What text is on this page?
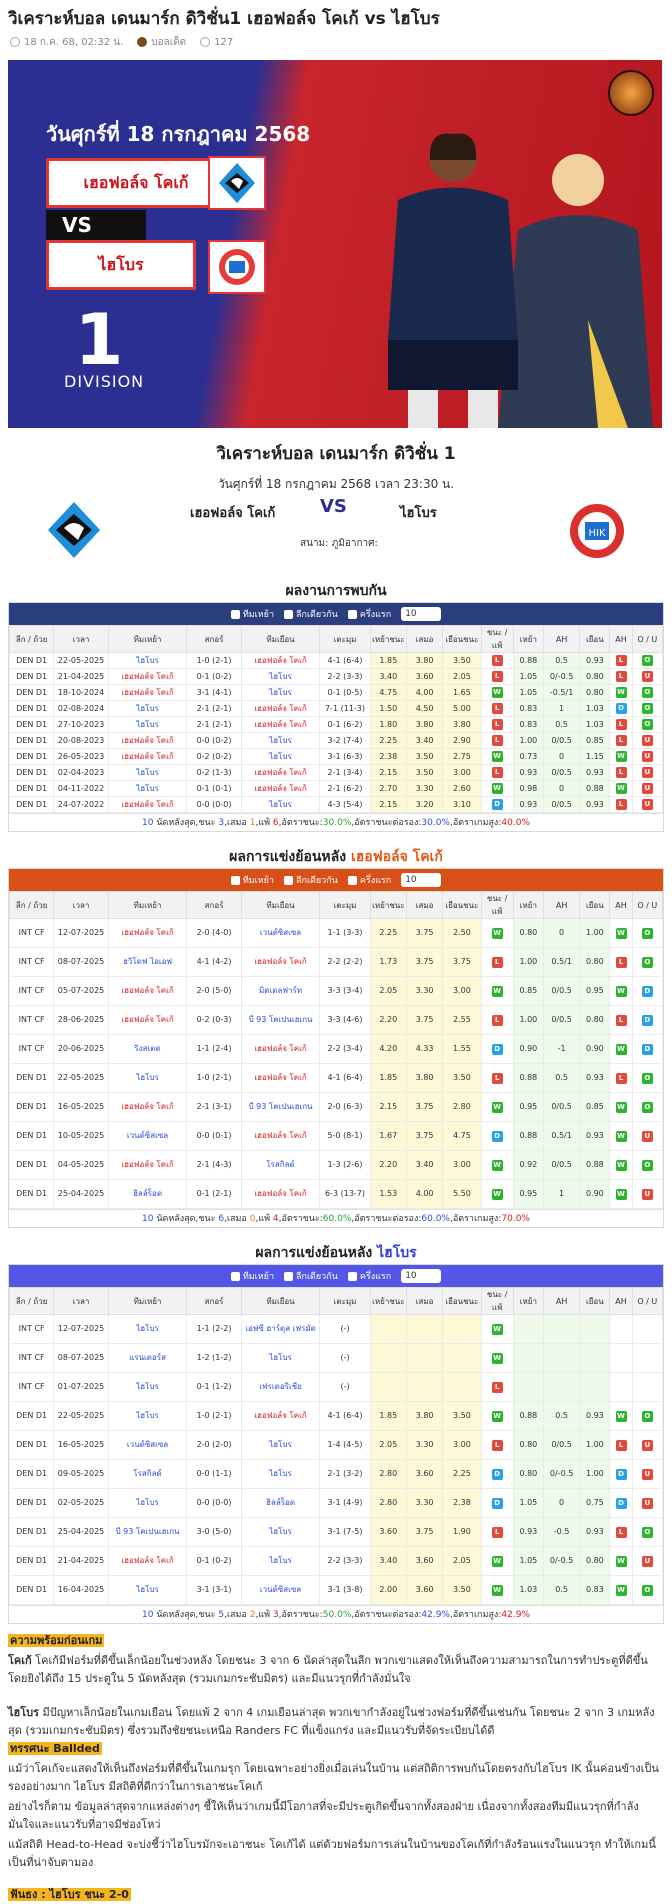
วิเคราะห์บอล เดนมาร์ก ดิวิชั่น1 เฮอฟอล์จ โคเก้ vs ไฮโบร
18 ก.ค. 68, 02:32 น.	บอลเด็ด	127
วันศุกร์ที่ 18 กรกฎาคม 2568
เฮอฟอล์จ โคเก้
VS
ไฮโบร
1
DIVISION
วิเคราะห์บอล เดนมาร์ก ดิวิชั่น 1
วันศุกร์ที่ 18 กรกฎาคม 2568 เวลา 23:30 น.
เฮอฟอล์จ โคเก้ VS	ไฮโบร
สนาม: ภูมิอากาศ:
HIK
ผลงานการพบกัน
ทีมเหย้า	ลีกเดียวกัน	ครึ่งแรก	10
ลีก / ถ้วย	เวลา	ทีมเหย้า	สกอร์	ทีมเยือน	เตะมุม	เหย้าชนะ	เสมอ	เยือนชนะ	ชนะ / แพ้	เหย้า	AH	เยือน	AH	O / U
DEN D1	22-05-2025	ไฮโบร	1-0 (2-1)	เฮอฟอล์จ โคเก้	4-1 (6-4)	1.85	3.80	3.50	L	0.88	0.5	0.93	L	O
DEN D1	21-04-2025	เฮอฟอล์จ โคเก้	0-1 (0-2)	ไฮโบร	2-2 (3-3)	3.40	3.60	2.05	L	1.05	0/-0.5	0.80	L	U
DEN D1	18-10-2024	เฮอฟอล์จ โคเก้	3-1 (4-1)	ไฮโบร	0-1 (0-5)	4.75	4.00	1.65	W	1.05	-0.5/1	0.80	W	O
DEN D1	02-08-2024	ไฮโบร	2-1 (2-1)	เฮอฟอล์จ โคเก้	7-1 (11-3)	1.50	4.50	5.00	L	0.83	1	1.03	D	O
DEN D1	27-10-2023	ไฮโบร	2-1 (2-1)	เฮอฟอล์จ โคเก้	0-1 (6-2)	1.80	3.80	3.80	L	0.83	0.5	1.03	L	O
DEN D1	20-08-2023	เฮอฟอล์จ โคเก้	0-0 (0-2)	ไฮโบร	3-2 (7-4)	2.25	3.40	2.90	L	1.00	0/0.5	0.85	L	U
DEN D1	26-05-2023	เฮอฟอล์จ โคเก้	0-2 (0-2)	ไฮโบร	3-1 (6-3)	2.38	3.50	2.75	W	0.73	0	1.15	W	U
DEN D1	02-04-2023	ไฮโบร	0-2 (1-3)	เฮอฟอล์จ โคเก้	2-1 (3-4)	2.15	3.50	3.00	L	0.93	0/0.5	0.93	L	U
DEN D1	04-11-2022	ไฮโบร	0-1 (0-1)	เฮอฟอล์จ โคเก้	2-1 (6-2)	2.70	3.30	2.60	W	0.98	0	0.88	W	U
DEN D1	24-07-2022	เฮอฟอล์จ โคเก้	0-0 (0-0)	ไฮโบร	4-3 (5-4)	2.15	3.20	3.10	D	0.93	0/0.5	0.93	L	U
10 นัดหลังสุด,ชนะ 3,เสมอ 1,แพ้ 6,อัตราชนะ:30.0%,อัตราชนะต่อรอง:30.0%,อัตราเกมสูง:40.0%
ผลการแข่งย้อนหลัง เฮอฟอล์จ โคเก้
ทีมเหย้า	ลีกเดียวกัน	ครึ่งแรก	10
ลีก / ถ้วย	เวลา	ทีมเหย้า	สกอร์	ทีมเยือน	เตะมุม	เหย้าชนะ	เสมอ	เยือนชนะ	ชนะ / แพ้	เหย้า	AH	เยือน	AH	O / U
INT CF	12-07-2025	เฮอฟอล์จ โคเก้	2-0 (4-0)	เวนด์ซิสเซล	1-1 (3-3)	2.25	3.75	2.50	W	0.80	0	1.00	W	O
INT CF	08-07-2025	ฮวิโดฟ ไอเอฟ	4-1 (4-2)	เฮอฟอล์จ โคเก้	2-2 (2-2)	1.73	3.75	3.75	L	1.00	0.5/1	0.80	L	O
INT CF	05-07-2025	เฮอฟอล์จ โคเก้	2-0 (5-0)	มิดเดลฟาร์ท	3-3 (3-4)	2.05	3.30	3.00	W	0.85	0/0.5	0.95	W	D
INT CF	28-06-2025	เฮอฟอล์จ โคเก้	0-2 (0-3)	บี 93 โคเปนเฮเกน	3-3 (4-6)	2.20	3.75	2.55	L	1.00	0/0.5	0.80	L	D
INT CF	20-06-2025	ริงสเตด	1-1 (2-4)	เฮอฟอล์จ โคเก้	2-2 (3-4)	4.20	4.33	1.55	D	0.90	-1	0.90	W	D
DEN D1	22-05-2025	ไฮโบร	1-0 (2-1)	เฮอฟอล์จ โคเก้	4-1 (6-4)	1.85	3.80	3.50	L	0.88	0.5	0.93	L	O
DEN D1	16-05-2025	เฮอฟอล์จ โคเก้	2-1 (3-1)	บี 93 โคเปนเฮเกน	2-0 (6-3)	2.15	3.75	2.80	W	0.95	0/0.5	0.85	W	O
DEN D1	10-05-2025	เวนด์ซิสเซล	0-0 (0-1)	เฮอฟอล์จ โคเก้	5-0 (8-1)	1.67	3.75	4.75	D	0.88	0.5/1	0.93	W	U
DEN D1	04-05-2025	เฮอฟอล์จ โคเก้	2-1 (4-3)	โรสกิลด์	1-3 (2-6)	2.20	3.40	3.00	W	0.92	0/0.5	0.88	W	O
DEN D1	25-04-2025	ฮิลล์ร็อด	0-1 (2-1)	เฮอฟอล์จ โคเก้	6-3 (13-7)	1.53	4.00	5.50	W	0.95	1	0.90	W	U
10 นัดหลังสุด,ชนะ 6,เสมอ 0,แพ้ 4,อัตราชนะ:60.0%,อัตราชนะต่อรอง:60.0%,อัตราเกมสูง:70.0%
ผลการแข่งย้อนหลัง ไฮโบร
ทีมเหย้า	ลีกเดียวกัน	ครึ่งแรก	10
ลีก / ถ้วย	เวลา	ทีมเหย้า	สกอร์	ทีมเยือน	เตะมุม	เหย้าชนะ	เสมอ	เยือนชนะ	ชนะ / แพ้	เหย้า	AH	เยือน	AH	O / U
INT CF	12-07-2025	ไฮโบร	1-1 (2-2)	เอฟซี ฮาร์ดุส เฟรมัด	(-)				W					
INT CF	08-07-2025	แรนเดอร์ส	1-2 (1-2)	ไฮโบร	(-)				W					
INT CF	01-07-2025	ไฮโบร	0-1 (1-2)	เฟรเดอริเชีย	(-)				L					
DEN D1	22-05-2025	ไฮโบร	1-0 (2-1)	เฮอฟอล์จ โคเก้	4-1 (6-4)	1.85	3.80	3.50	W	0.88	0.5	0.93	W	O
DEN D1	16-05-2025	เวนด์ซิสเซล	2-0 (2-0)	ไฮโบร	1-4 (4-5)	2.05	3.30	3.00	L	0.80	0/0.5	1.00	L	U
DEN D1	09-05-2025	โรสกิลด์	0-0 (1-1)	ไฮโบร	2-1 (3-2)	2.80	3.60	2.25	D	0.80	0/-0.5	1.00	D	U
DEN D1	02-05-2025	ไฮโบร	0-0 (0-0)	ฮิลล์ร็อด	3-1 (4-9)	2.80	3.30	2.38	D	1.05	0	0.75	D	U
DEN D1	25-04-2025	บี 93 โคเปนเฮเกน	3-0 (5-0)	ไฮโบร	3-1 (7-5)	3.60	3.75	1.90	L	0.93	-0.5	0.93	L	O
DEN D1	21-04-2025	เฮอฟอล์จ โคเก้	0-1 (0-2)	ไฮโบร	2-2 (3-3)	3.40	3.60	2.05	W	1.05	0/-0.5	0.80	W	U
DEN D1	16-04-2025	ไฮโบร	3-1 (3-1)	เวนด์ซิสเซล	3-1 (3-8)	2.00	3.60	3.50	W	1.03	0.5	0.83	W	O
10 นัดหลังสุด,ชนะ 5,เสมอ 2,แพ้ 3,อัตราชนะ:50.0%,อัตราชนะต่อรอง:42.9%,อัตราเกมสูง:42.9%
ความพร้อมก่อนเกม

โคเก้ โคเก้มีฟอร์มที่ดีขึ้นเล็กน้อยในช่วงหลัง โดยชนะ 3 จาก 6 นัดล่าสุดในลีก พวกเขาแสดงให้เห็นถึงความสามารถในการทำประตูที่ดีขึ้น โดยยิงได้ถึง 15 ประตูใน 5 นัดหลังสุด (รวมเกมกระชับมิตร) และมีแนวรุกที่กำลังมั่นใจ

ไฮโบร มีปัญหาเล็กน้อยในเกมเยือน โดยแพ้ 2 จาก 4 เกมเยือนล่าสุด พวกเขากำลังอยู่ในช่วงฟอร์มที่ดีขึ้นเช่นกัน โดยชนะ 2 จาก 3 เกมหลังสุด (รวมเกมกระชับมิตร) ซึ่งรวมถึงชัยชนะเหนือ Randers FC ที่แข็งแกร่ง และมีแนวรับที่จัดระเบียบได้ดี

ทรรศนะ Ballded

แม้ว่าโคเก้จะแสดงให้เห็นถึงฟอร์มที่ดีขึ้นในเกมรุก โดยเฉพาะอย่างยิ่งเมื่อเล่นในบ้าน แต่สถิติการพบกันโดยตรงกับไฮโบร IK นั้นค่อนข้างเป็นรองอย่างมาก ไฮโบร มีสถิติที่ดีกว่าในการเอาชนะโคเก้

อย่างไรก็ตาม ข้อมูลล่าสุดจากแหล่งต่างๆ ชี้ให้เห็นว่าเกมนี้มีโอกาสที่จะมีประตูเกิดขึ้นจากทั้งสองฝ่าย เนื่องจากทั้งสองทีมมีแนวรุกที่กำลังมั่นใจและแนวรับที่อาจมีช่องโหว่

แม้สถิติ Head-to-Head จะบ่งชี้ว่าไฮโบรมักจะเอาชนะ โคเก้ได้ แต่ด้วยฟอร์มการเล่นในบ้านของโคเก้ที่กำลังร้อนแรงในแนวรุก ทำให้เกมนี้เป็นที่น่าจับตามอง

ฟันธง : ไฮโบร ชนะ 2-0
